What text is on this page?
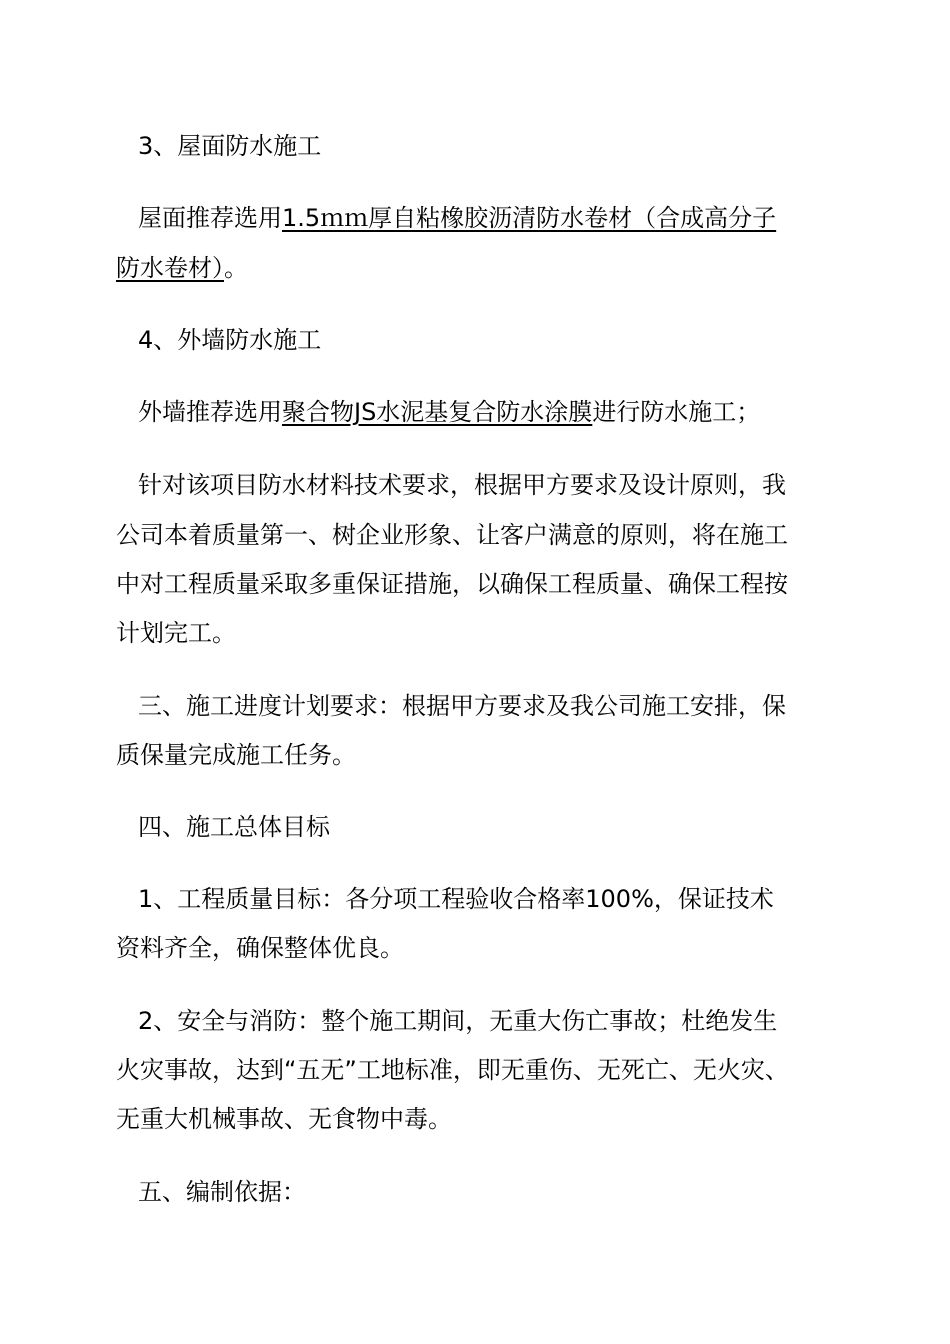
3、屋面防水施工
屋面推荐选用1.5ｍｍ厚自粘橡胶沥清防水卷材（合成高分子
防水卷材）。
4、外墙防水施工
外墙推荐选用聚合物JS水泥基复合防水涂膜进行防水施工；
针对该项目防水材料技术要求，根据甲方要求及设计原则，我
公司本着质量第一、树企业形象、让客户满意的原则，将在施工
中对工程质量采取多重保证措施，以确保工程质量、确保工程按
计划完工。
三、施工进度计划要求：根据甲方要求及我公司施工安排，保
质保量完成施工任务。
四、施工总体目标
1、工程质量目标：各分项工程验收合格率100%，保证技术
资料齐全，确保整体优良。
2、安全与消防：整个施工期间，无重大伤亡事故；杜绝发生
火灾事故，达到“五无”工地标准，即无重伤、无死亡、无火灾、
无重大机械事故、无食物中毒。
五、编制依据：
